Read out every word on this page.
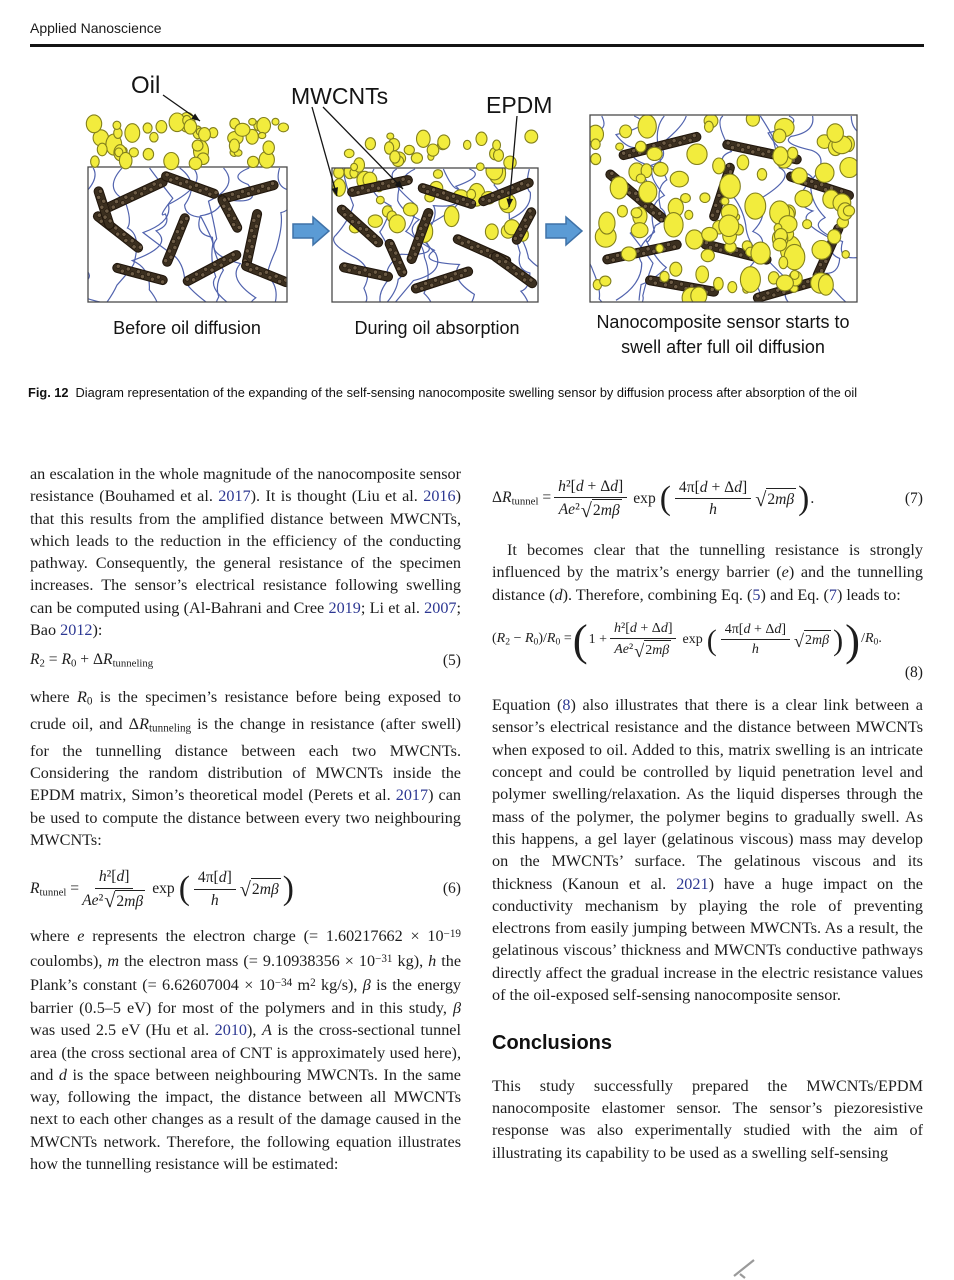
Applied Nanoscience
Oil	MWCNTs	EPDM
Before oil diffusion	During oil absorption	Nanocomposite sensor starts to
swell after full oil diffusion
Fig. 12 Diagram representation of the expanding of the self-sensing nanocomposite swelling sensor by diffusion process after absorption of the oil

an escalation in the whole magnitude of the nanocomposite sensor resistance (Bouhamed et al. 2017). It is thought (Liu et al. 2016) that this results from the amplified distance between MWCNTs, which leads to the reduction in the efficiency of the conducting pathway. Consequently, the general resistance of the specimen increases. The sensor’s electrical resistance following swelling can be computed using (Al-Bahrani and Cree 2019; Li et al. 2007; Bao 2012):

$R_2 = R_0 + \Delta R_{tunneling}$	(5)

where $R_0$ is the specimen’s resistance before being exposed to crude oil, and $\Delta R_{tunneling}$ is the change in resistance (after swell) for the tunnelling distance between each two MWCNTs. Considering the random distribution of MWCNTs inside the EPDM matrix, Simon’s theoretical model (Perets et al. 2017) can be used to compute the distance between every two neighbouring MWCNTs:

$R_{tunnel} = \frac{\text{h²[d]}}{\text{Ae² √ 2mβ}}$ exp ( $\frac{4\pi[d]}{h}$ √ 2mβ )	(6)

where e represents the electron charge (= $1.60217662 \times 10^{-19}$ coulombs), m the electron mass (= $9.10938356 \times 10^{-31}$ kg), h the Plank’s constant (= $6.62607004 \times 10^{-34}$ $m^2$ kg/s), β is the energy barrier (0.5–5 eV) for most of the polymers and in this study, β was used 2.5 eV (Hu et al. 2010), A is the cross-sectional tunnel area (the cross sectional area of CNT is approximately used here), and d is the space between neighbouring MWCNTs. In the same way, following the impact, the distance between all MWCNTs next to each other changes as a result of the damage caused in the MWCNTs network. Therefore, the following equation illustrates how the tunnelling resistance will be estimated:

$\Delta R_{tunnel} = \frac{\text{h²[d + Δd]}}{\text{Ae² √ 2mβ}}$ exp ( $\frac{4\pi[d + \Delta d]}{h}$ √ 2mβ ) .	(7)

It becomes clear that the tunnelling resistance is strongly influenced by the matrix’s energy barrier (e) and the tunnelling distance (d). Therefore, combining Eq. (5) and Eq. (7) leads to:

$(R_2 - R_0)/R_0$ = ( $1 + \frac{\text{h²[d + Δd]}}{\text{Ae² √ 2mβ}}$ exp ( $\frac{4\pi[d + \Delta d]}{h}$ √ 2mβ ) ) $/R_0$.
(8)

Equation (8) also illustrates that there is a clear link between a sensor’s electrical resistance and the distance between MWCNTs when exposed to oil. Added to this, matrix swelling is an intricate concept and could be controlled by liquid penetration level and polymer swelling/relaxation. As the liquid disperses through the mass of the polymer, the polymer begins to gradually swell. As this happens, a gel layer (gelatinous viscous) mass may develop on the MWCNTs’ surface. The gelatinous viscous and its thickness (Kanoun et al. 2021) have a huge impact on the conductivity mechanism by playing the role of preventing electrons from easily jumping between MWCNTs. As a result, the gelatinous viscous’ thickness and MWCNTs conductive pathways directly affect the gradual increase in the electric resistance values of the oil-exposed self-sensing nanocomposite sensor.

Conclusions

This study successfully prepared the MWCNTs/EPDM nanocomposite elastomer sensor. The sensor’s piezoresistive response was also experimentally studied with the aim of illustrating its capability to be used as a swelling self-sensing
